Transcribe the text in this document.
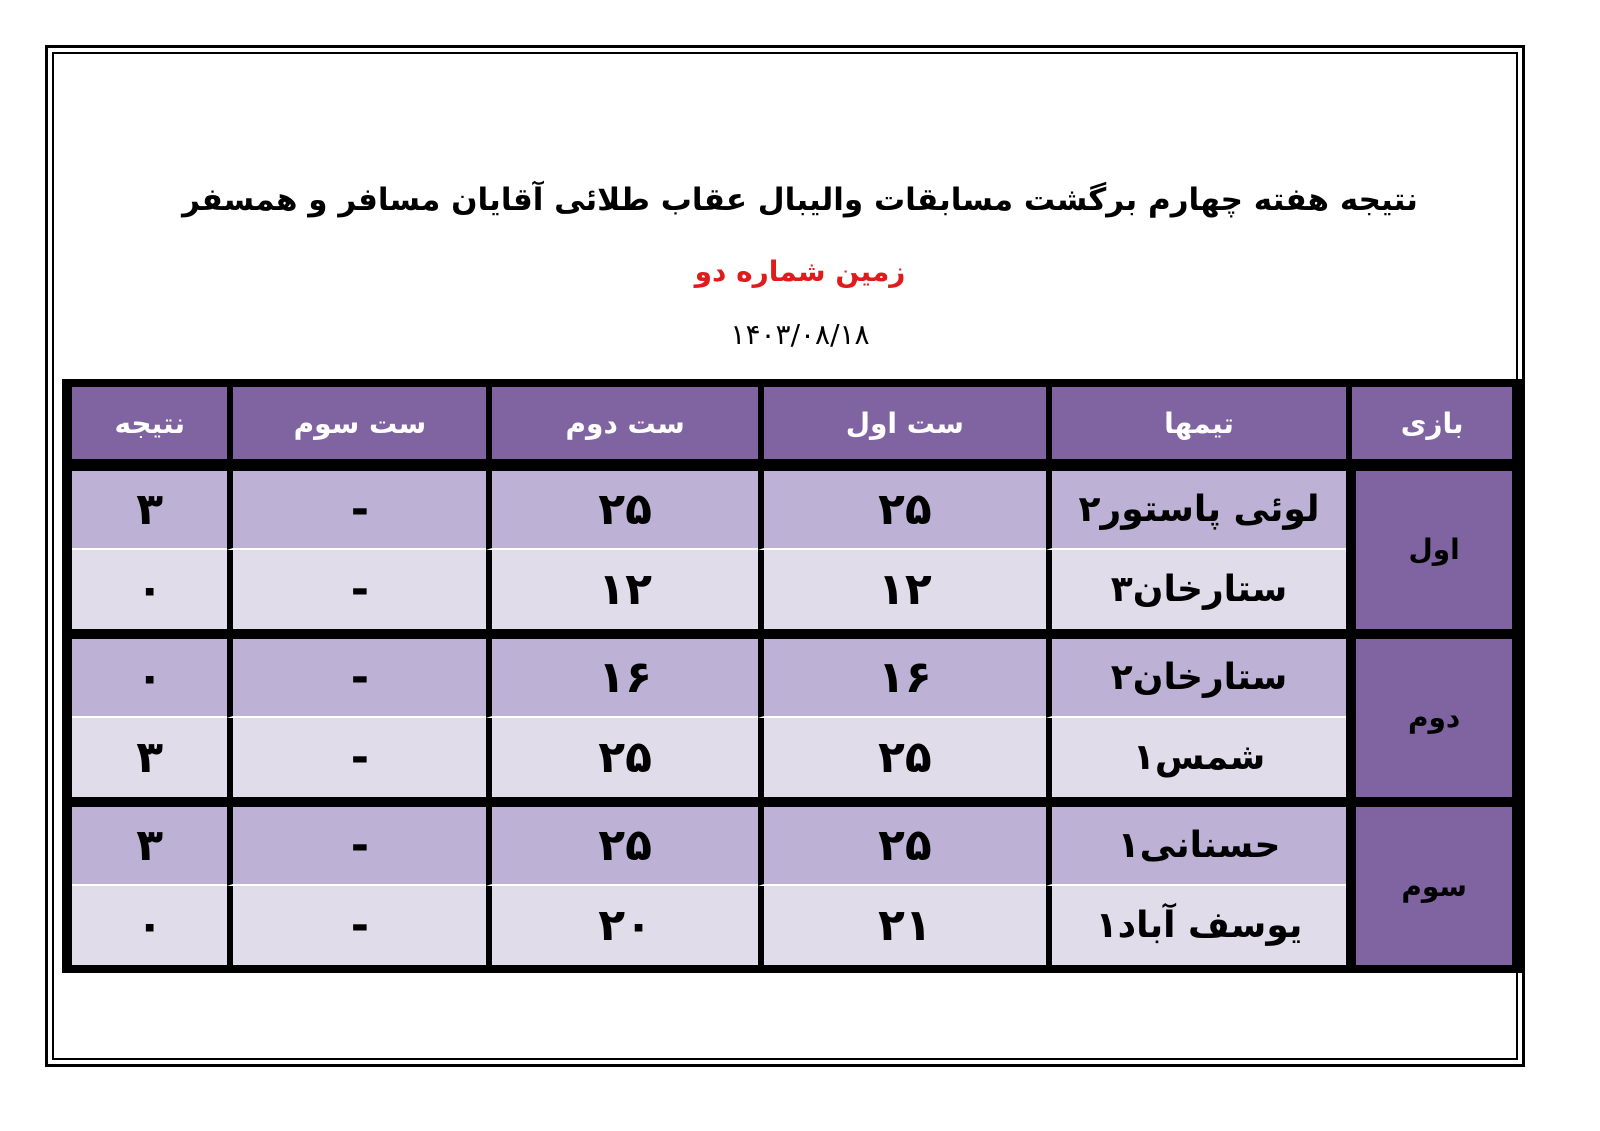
نتیجه هفته چهارم برگشت مسابقات والیبال عقاب طلائی آقایان مسافر و همسفر
زمین شماره دو
۱۴۰۳/۰۸/۱۸
بازی	تیمها	ست اول	ست دوم	ست سوم	نتیجه
اول	لوئی پاستور۲	۲۵	۲۵	-	۳
	ستارخان۳	۱۲	۱۲	-	۰

دوم	ستارخان۲	۱۶	۱۶	-	۰
	شمس۱	۲۵	۲۵	-	۳

سوم	حسنانی۱	۲۵	۲۵	-	۳
	یوسف آباد۱	۲۱	۲۰	-	۰
